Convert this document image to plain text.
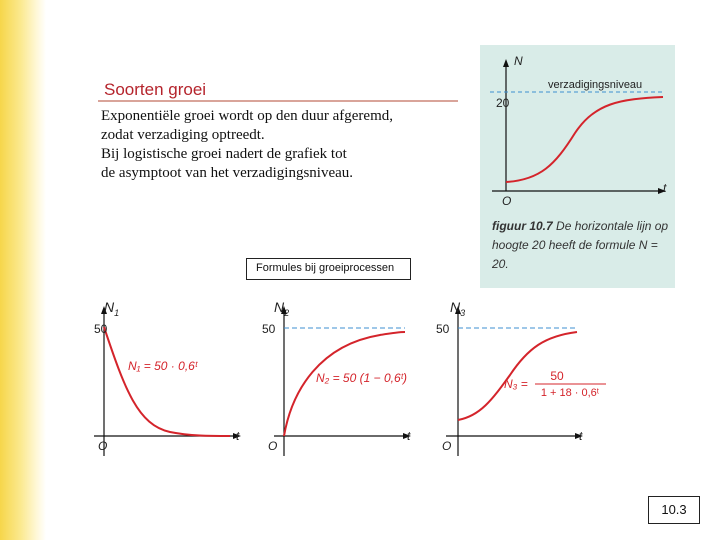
Soorten groei
Exponentiële groei wordt op den duur afgeremd,
zodat verzadiging optreedt.
Bij logistische groei nadert de grafiek tot
de asymptoot van het verzadigingsniveau.
N
t
O
20
verzadigingsniveau
figuur 10.7 De horizontale lijn op hoogte 20 heeft de formule N = 20.
Formules bij groeiprocessen
$N_1$
50
t
O
N₁ = 50 · 0,6ᵗ
$N_2$
50
t
O
N₂ = 50 (1 − 0,6ᵗ)
$N_3$
50
t
O
N₃ =
50
1 + 18 · 0,6ᵗ
10.3
